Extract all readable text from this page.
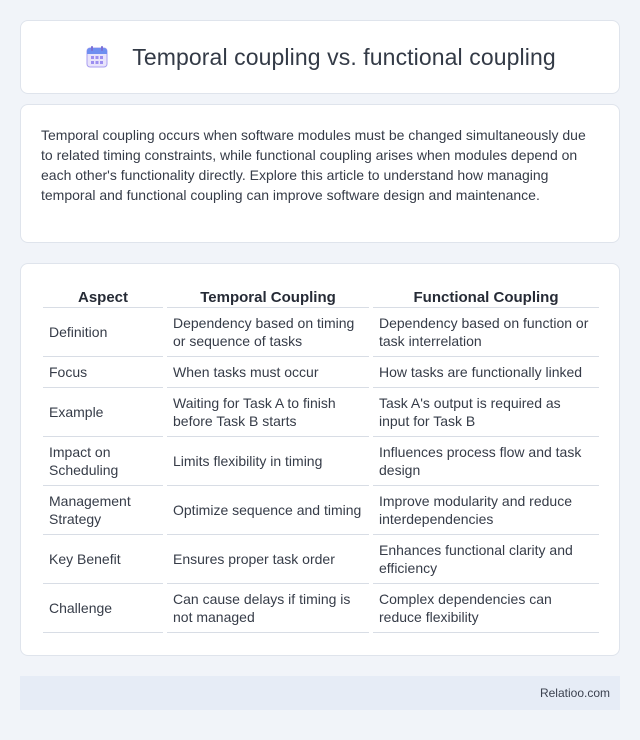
Temporal coupling vs. functional coupling

Temporal coupling occurs when software modules must be changed simultaneously due to related timing constraints, while functional coupling arises when modules depend on each other's functionality directly. Explore this article to understand how managing temporal and functional coupling can improve software design and maintenance.

Aspect		Temporal Coupling		Functional Coupling
Definition		Dependency based on timing or sequence of tasks		Dependency based on function or task interrelation
Focus		When tasks must occur		How tasks are functionally linked
Example		Waiting for Task A to finish before Task B starts		Task A's output is required as input for Task B
Impact on Scheduling		Limits flexibility in timing		Influences process flow and task design
Management Strategy		Optimize sequence and timing		Improve modularity and reduce interdependencies
Key Benefit		Ensures proper task order		Enhances functional clarity and efficiency
Challenge		Can cause delays if timing is not managed		Complex dependencies can reduce flexibility
Relatioo.com
